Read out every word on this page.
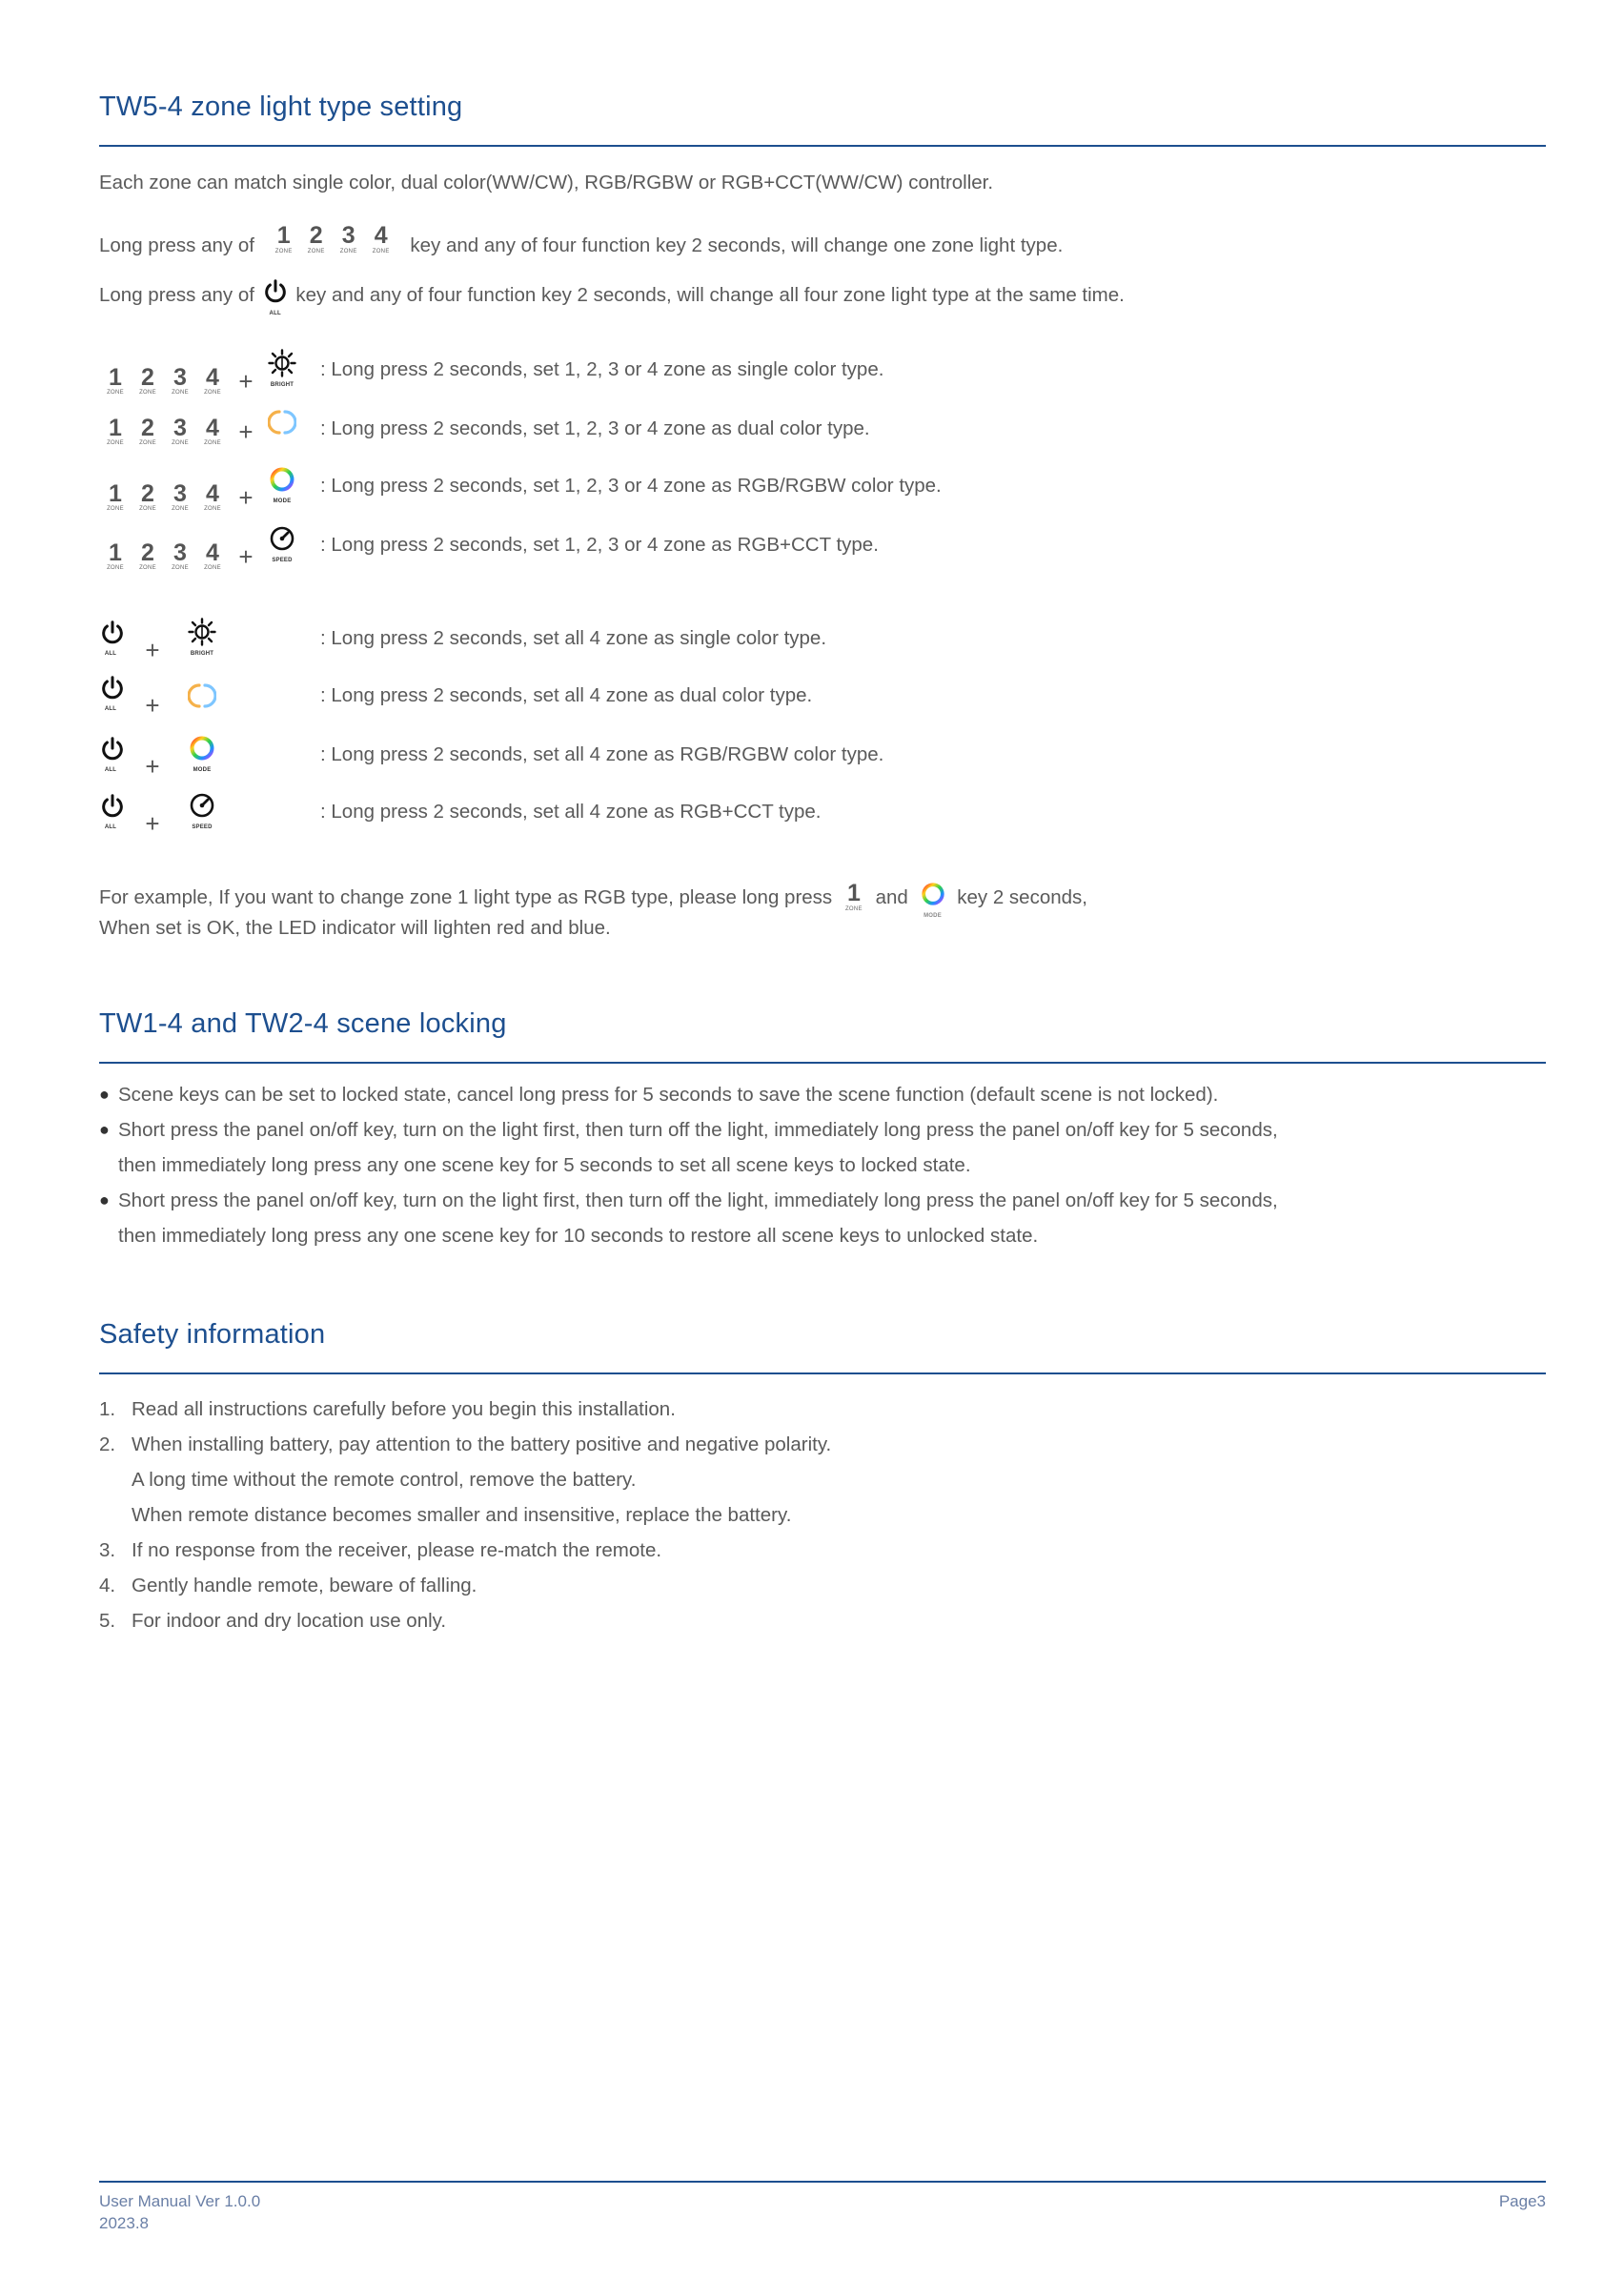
TW5-4 zone light type setting
Each zone can match single color, dual color(WW/CW), RGB/RGBW or RGB+CCT(WW/CW) controller.
Long press any of 1
ZONE
2
ZONE
3
ZONE
4
ZONE	key and any of four function key 2 seconds, will change one zone light type.
Long press any of
ALL
key and any of four function key 2 seconds, will change all four zone light type at the same time.
1
ZONE
2
ZONE
3
ZONE
4
ZONE +	BRIGHT
: Long press 2 seconds, set 1, 2, 3 or 4 zone as single color type.
1
ZONE
2
ZONE
3
ZONE
4
ZONE +	: Long press 2 seconds, set 1, 2, 3 or 4 zone as dual color type.
1
ZONE
2
ZONE
3
ZONE
4
ZONE +	MODE
: Long press 2 seconds, set 1, 2, 3 or 4 zone as RGB/RGBW color type.
1
ZONE
2
ZONE
3
ZONE
4
ZONE +	SPEED
: Long press 2 seconds, set 1, 2, 3 or 4 zone as RGB+CCT type.
ALL +	BRIGHT
: Long press 2 seconds, set all 4 zone as single color type.
ALL +	: Long press 2 seconds, set all 4 zone as dual color type.
ALL +	MODE
: Long press 2 seconds, set all 4 zone as RGB/RGBW color type.
ALL +	SPEED
: Long press 2 seconds, set all 4 zone as RGB+CCT type.
For example, If you want to change zone 1 light type as RGB type, please long press 1
ZONE
and
MODE
key 2 seconds,
When set is OK, the LED indicator will lighten red and blue.
TW1-4 and TW2-4 scene locking
● Scene keys can be set to locked state, cancel long press for 5 seconds to save the scene function (default scene is not locked).
● Short press the panel on/off key, turn on the light first, then turn off the light, immediately long press the panel on/off key for 5 seconds,
then immediately long press any one scene key for 5 seconds to set all scene keys to locked state.
● Short press the panel on/off key, turn on the light first, then turn off the light, immediately long press the panel on/off key for 5 seconds,
then immediately long press any one scene key for 10 seconds to restore all scene keys to unlocked state.
Safety information
1. Read all instructions carefully before you begin this installation.
2. When installing battery, pay attention to the battery positive and negative polarity.
A long time without the remote control, remove the battery.
When remote distance becomes smaller and insensitive, replace the battery.
3. If no response from the receiver, please re-match the remote.
4. Gently handle remote, beware of falling.
5. For indoor and dry location use only.
User Manual Ver 1.0.0
2023.8
Page3
